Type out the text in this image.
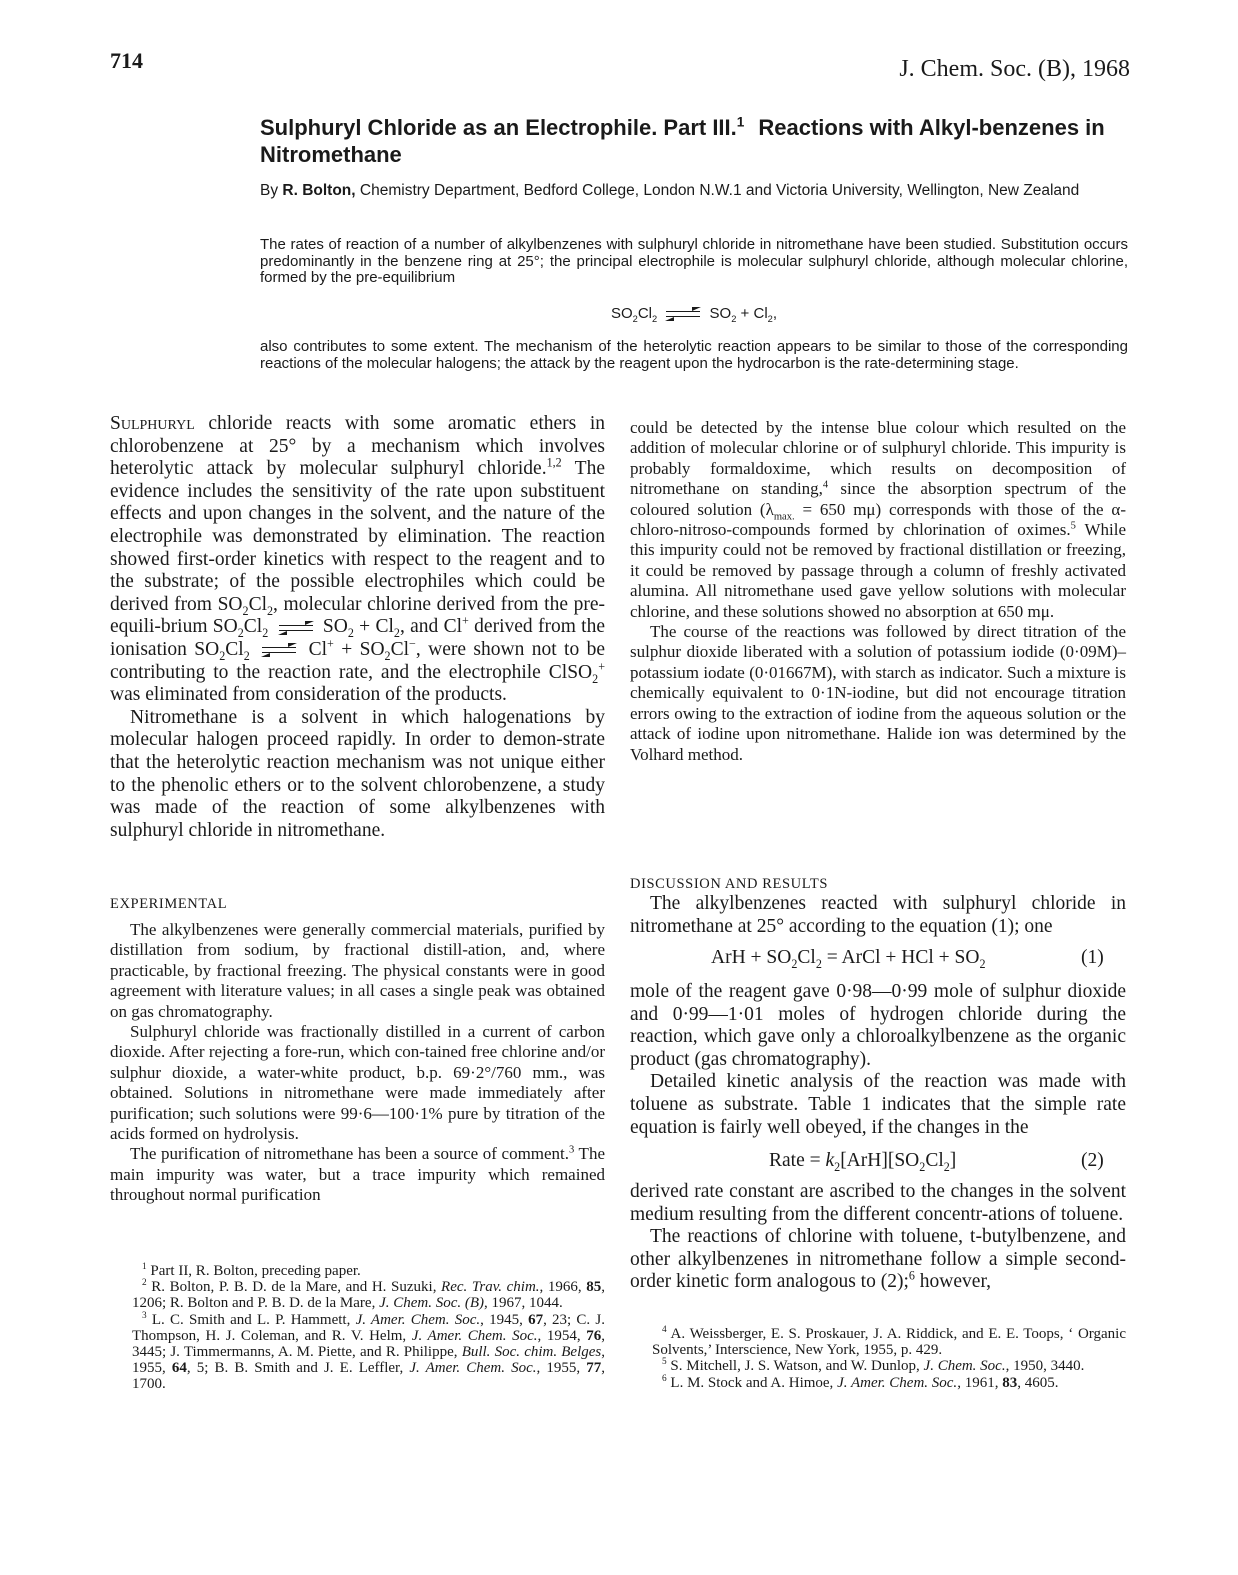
714	J. Chem. Soc. (B), 1968
Sulphuryl Chloride as an Electrophile. Part III.$^1$ Reactions with Alkyl-benzenes in Nitromethane
By R. Bolton, Chemistry Department, Bedford College, London N.W.1 and Victoria University, Wellington, New Zealand
The rates of reaction of a number of alkylbenzenes with sulphuryl chloride in nitromethane have been studied. Substitution occurs predominantly in the benzene ring at 25°; the principal electrophile is molecular sulphuryl chloride, although molecular chlorine, formed by the pre-equilibrium
$SO_2Cl_2$	$SO_2 + Cl_2$,
also contributes to some extent. The mechanism of the heterolytic reaction appears to be similar to those of the corresponding reactions of the molecular halogens; the attack by the reagent upon the hydrocarbon is the rate-determining stage.

Sulphuryl chloride reacts with some aromatic ethers in chlorobenzene at 25° by a mechanism which involves heterolytic attack by molecular sulphuryl chloride.$^{1,2}$ The evidence includes the sensitivity of the rate upon substituent effects and upon changes in the solvent, and the nature of the electrophile was demonstrated by elimination. The reaction showed first-order kinetics with respect to the reagent and to the substrate; of the possible electrophiles which could be derived from $SO_2Cl_2$, molecular chlorine derived from the pre-equili-brium $SO_2Cl_2$	$SO_2 + Cl_2$, and Cl+ derived from the ionisation $SO_2Cl_2$	$Cl^+ + SO_2Cl^-$, were shown not to be contributing to the reaction rate, and the electrophile ClSO$_2$+ was eliminated from consideration of the products.

Nitromethane is a solvent in which halogenations by molecular halogen proceed rapidly. In order to demon-strate that the heterolytic reaction mechanism was not unique either to the phenolic ethers or to the solvent chlorobenzene, a study was made of the reaction of some alkylbenzenes with sulphuryl chloride in nitromethane.

EXPERIMENTAL

The alkylbenzenes were generally commercial materials, purified by distillation from sodium, by fractional distill-ation, and, where practicable, by fractional freezing. The physical constants were in good agreement with literature values; in all cases a single peak was obtained on gas chromatography.

Sulphuryl chloride was fractionally distilled in a current of carbon dioxide. After rejecting a fore-run, which con-tained free chlorine and/or sulphur dioxide, a water-white product, b.p. 69·2°/760 mm., was obtained. Solutions in nitromethane were made immediately after purification; such solutions were 99·6—100·1% pure by titration of the acids formed on hydrolysis.

The purification of nitromethane has been a source of comment.$^3$ The main impurity was water, but a trace impurity which remained throughout normal purification

$^1$ Part II, R. Bolton, preceding paper.

$^2$ R. Bolton, P. B. D. de la Mare, and H. Suzuki, Rec. Trav. chim., 1966, 85, 1206; R. Bolton and P. B. D. de la Mare, J. Chem. Soc. (B), 1967, 1044.

$^3$ L. C. Smith and L. P. Hammett, J. Amer. Chem. Soc., 1945, 67, 23; C. J. Thompson, H. J. Coleman, and R. V. Helm, J. Amer. Chem. Soc., 1954, 76, 3445; J. Timmermanns, A. M. Piette, and R. Philippe, Bull. Soc. chim. Belges, 1955, 64, 5; B. B. Smith and J. E. Leffler, J. Amer. Chem. Soc., 1955, 77, 1700.

could be detected by the intense blue colour which resulted on the addition of molecular chlorine or of sulphuryl chloride. This impurity is probably formaldoxime, which results on decomposition of nitromethane on standing,$^4$ since the absorption spectrum of the coloured solution ($\lambda_{max.} = 650$ mμ) corresponds with those of the α-chloro-nitroso-compounds formed by chlorination of oximes.$^5$ While this impurity could not be removed by fractional distillation or freezing, it could be removed by passage through a column of freshly activated alumina. All nitromethane used gave yellow solutions with molecular chlorine, and these solutions showed no absorption at 650 mμ.

The course of the reactions was followed by direct titration of the sulphur dioxide liberated with a solution of potassium iodide (0·09M)–potassium iodate (0·01667M), with starch as indicator. Such a mixture is chemically equivalent to 0·1N-iodine, but did not encourage titration errors owing to the extraction of iodine from the aqueous solution or the attack of iodine upon nitromethane. Halide ion was determined by the Volhard method.

DISCUSSION AND RESULTS

The alkylbenzenes reacted with sulphuryl chloride in nitromethane at 25° according to the equation (1); one

ArH + $SO_2Cl_2$ = ArCl + HCl + $SO_2$	(1)

mole of the reagent gave 0·98—0·99 mole of sulphur dioxide and 0·99—1·01 moles of hydrogen chloride during the reaction, which gave only a chloroalkylbenzene as the organic product (gas chromatography).

Detailed kinetic analysis of the reaction was made with toluene as substrate. Table 1 indicates that the simple rate equation is fairly well obeyed, if the changes in the

Rate = $k_2[ArH][SO_2Cl_2]$	(2)

derived rate constant are ascribed to the changes in the solvent medium resulting from the different concentr-ations of toluene.

The reactions of chlorine with toluene, t-butylbenzene, and other alkylbenzenes in nitromethane follow a simple second-order kinetic form analogous to (2);$^6$ however,

$^4$ A. Weissberger, E. S. Proskauer, J. A. Riddick, and E. E. Toops, ‘ Organic Solvents,’ Interscience, New York, 1955, p. 429.

$^5$ S. Mitchell, J. S. Watson, and W. Dunlop, J. Chem. Soc., 1950, 3440.

$^6$ L. M. Stock and A. Himoe, J. Amer. Chem. Soc., 1961, 83, 4605.
